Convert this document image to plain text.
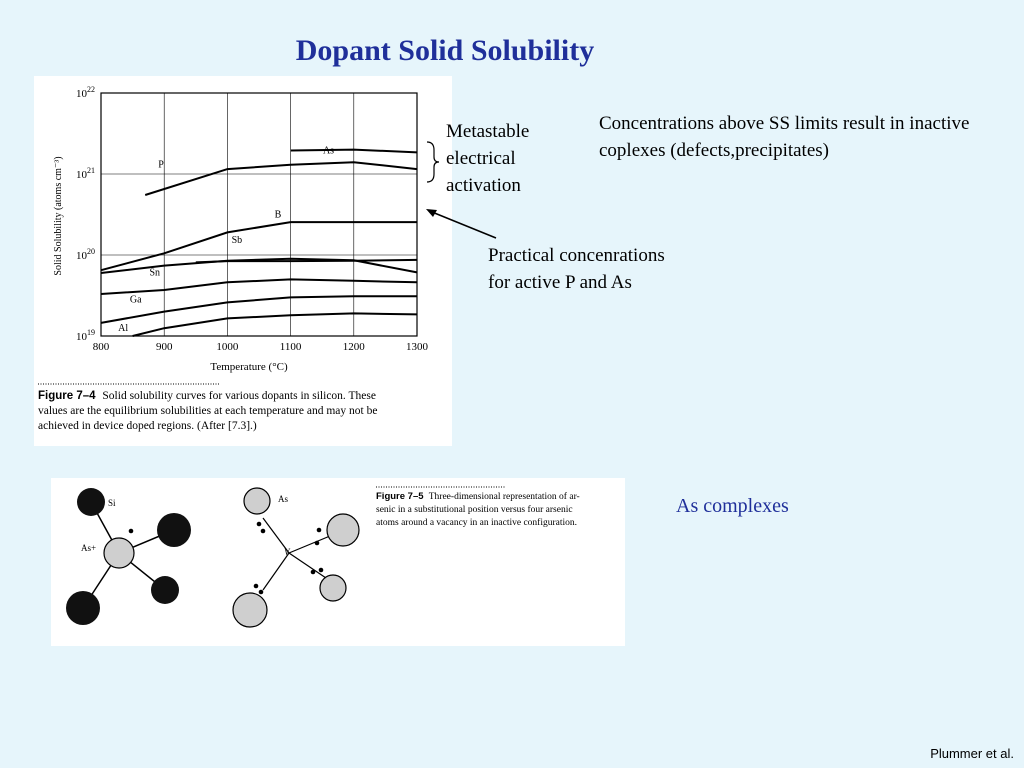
Dopant Solid Solubility
800	900	1000	1100	1200	1300
$10^{19}$
$10^{20}$
$10^{21}$
$10^{22}$
As
P
B
Sb
Sn
Ga
Al
Temperature (°C)
Solid Solubility (atoms cm⁻³)
Figure 7–4 Solid solubility curves for various dopants in silicon. These
values are the equilibrium solubilities at each temperature and may not be
achieved in device doped regions. (After [7.3].)
Metastable
electrical
activation
Concentrations above SS limits result in inactive coplexes (defects,precipitates)
Practical concenrations
for active P and As
Si
As+
As
V
Figure 7–5 Three-dimensional representation of ar-
senic in a substitutional position versus four arsenic
atoms around a vacancy in an inactive configuration.
As complexes
Plummer et al.
